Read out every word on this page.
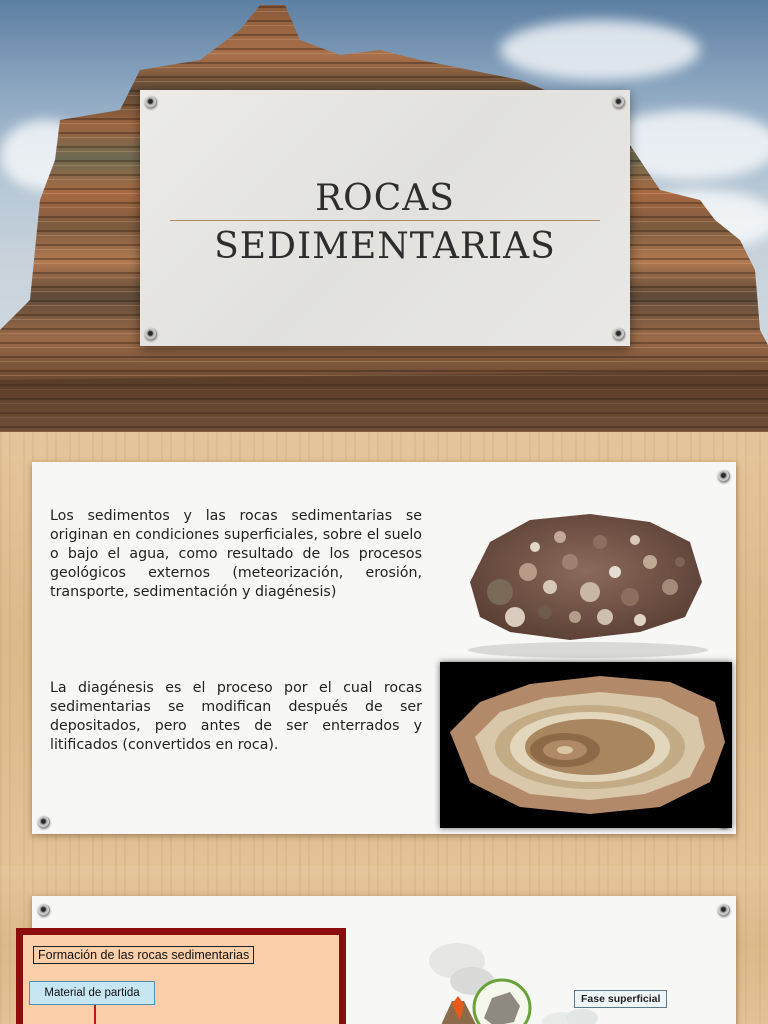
ROCAS
SEDIMENTARIAS

Los sedimentos y las rocas sedimentarias se originan en condiciones superficiales, sobre el suelo o bajo el agua, como resultado de los procesos geológicos externos (meteorización, erosión, transporte, sedimentación y diagénesis)

La diagénesis es el proceso por el cual rocas sedimentarias se modifican después de ser depositados, pero antes de ser enterrados y litificados (convertidos en roca).

Formación de las rocas sedimentarias
Material de partida	Fase superficial
